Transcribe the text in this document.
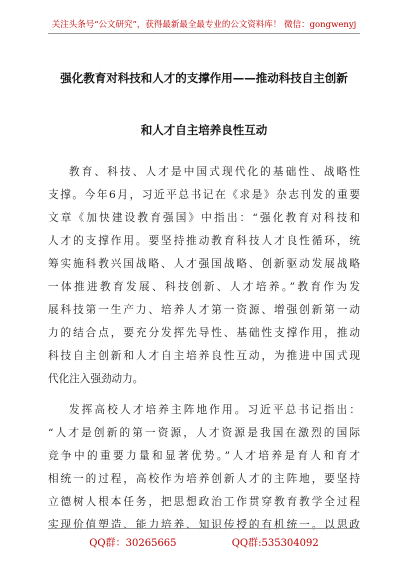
关注头条号“公文研究”，获得最新最全最专业的公文资料库！ 微信：gongwenyj
强化教育对科技和人才的支撑作用——推动科技自主创新
和人才自主培养良性互动
教育、科技、人才是中国式现代化的基础性、战略性
支撑。今年6月，习近平总书记在《求是》杂志刊发的重要
文章《加快建设教育强国》中指出：“强化教育对科技和
人才的支撑作用。要坚持推动教育科技人才良性循环，统
筹实施科教兴国战略、人才强国战略、创新驱动发展战略
一体推进教育发展、科技创新、人才培养。”教育作为发
展科技第一生产力、培养人才第一资源、增强创新第一动
力的结合点，要充分发挥先导性、基础性支撑作用，推动
科技自主创新和人才自主培养良性互动，为推进中国式现
代化注入强劲动力。
发挥高校人才培养主阵地作用。习近平总书记指出：
“人才是创新的第一资源，人才资源是我国在激烈的国际
竞争中的重要力量和显著优势。”人才培养是育人和育才
相统一的过程，高校作为培养创新人才的主阵地，要坚持
立德树人根本任务，把思想政治工作贯穿教育教学全过程
实现价值塑造、能力培养、知识传授的有机统一。以思政
QQ群：30265665	QQ群:535304092
